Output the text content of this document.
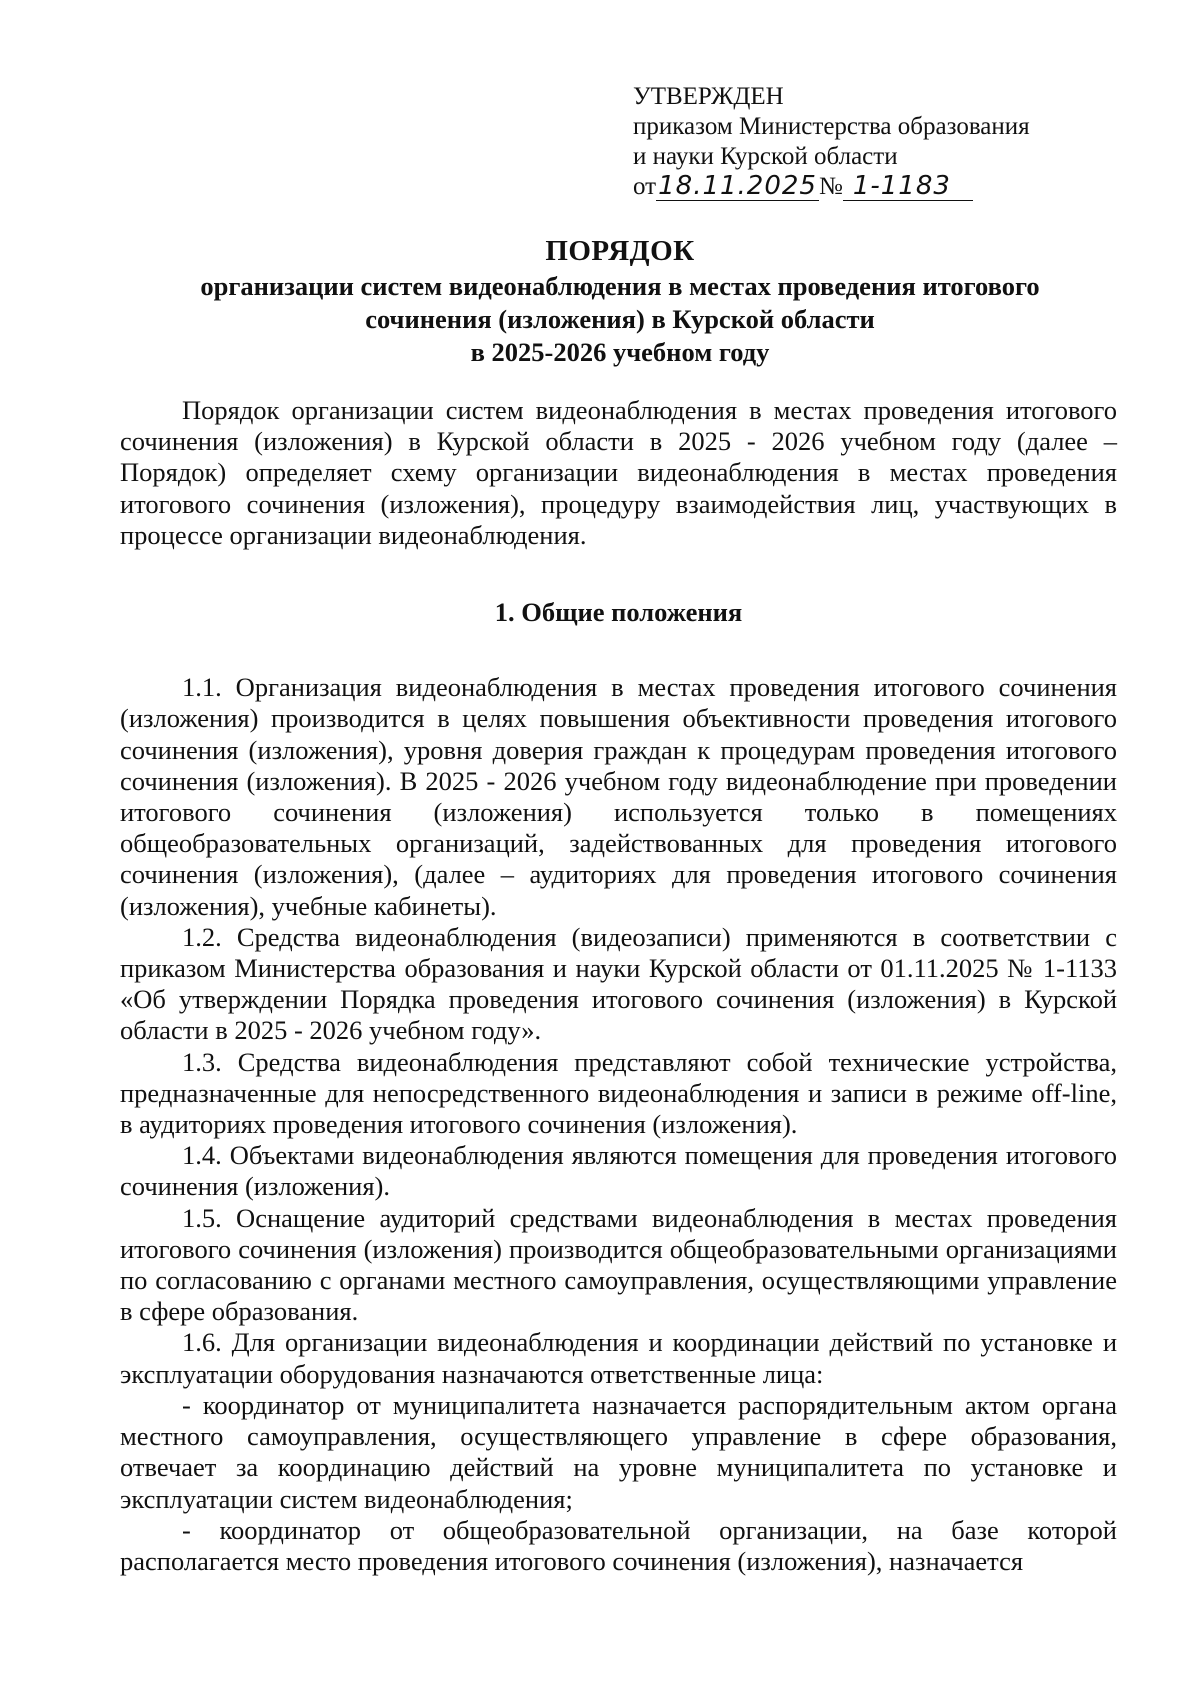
УТВЕРЖДЕН
приказом Министерства образования
и науки Курской области
от18.11.2025№ 1-1183
ПОРЯДОК
организации систем видеонаблюдения в местах проведения итогового
сочинения (изложения) в Курской области
в 2025-2026 учебном году

Порядок организации систем видеонаблюдения в местах проведения итогового сочинения (изложения) в Курской области в 2025 - 2026 учебном году (далее – Порядок) определяет схему организации видеонаблюдения в местах проведения итогового сочинения (изложения), процедуру взаимодействия лиц, участвующих в процессе организации видеонаблюдения.

1. Общие положения

1.1. Организация видеонаблюдения в местах проведения итогового сочинения (изложения) производится в целях повышения объективности проведения итогового сочинения (изложения), уровня доверия граждан к процедурам проведения итогового сочинения (изложения). В 2025 - 2026 учебном году видеонаблюдение при проведении итогового сочинения (изложения) используется только в помещениях общеобразовательных организаций, задействованных для проведения итогового сочинения (изложения), (далее – аудиториях для проведения итогового сочинения (изложения), учебные кабинеты).

1.2. Средства видеонаблюдения (видеозаписи) применяются в соответствии с приказом Министерства образования и науки Курской области от 01.11.2025 № 1-1133 «Об утверждении Порядка проведения итогового сочинения (изложения) в Курской области в 2025 - 2026 учебном году».

1.3. Средства видеонаблюдения представляют собой технические устройства, предназначенные для непосредственного видеонаблюдения и записи в режиме off-line, в аудиториях проведения итогового сочинения (изложения).

1.4. Объектами видеонаблюдения являются помещения для проведения итогового сочинения (изложения).

1.5. Оснащение аудиторий средствами видеонаблюдения в местах проведения итогового сочинения (изложения) производится общеобразовательными организациями по согласованию с органами местного самоуправления, осуществляющими управление в сфере образования.

1.6. Для организации видеонаблюдения и координации действий по установке и эксплуатации оборудования назначаются ответственные лица:

- координатор от муниципалитета назначается распорядительным актом органа местного самоуправления, осуществляющего управление в сфере образования, отвечает за координацию действий на уровне муниципалитета по установке и эксплуатации систем видеонаблюдения;

- координатор от общеобразовательной организации, на базе которой располагается место проведения итогового сочинения (изложения), назначается
